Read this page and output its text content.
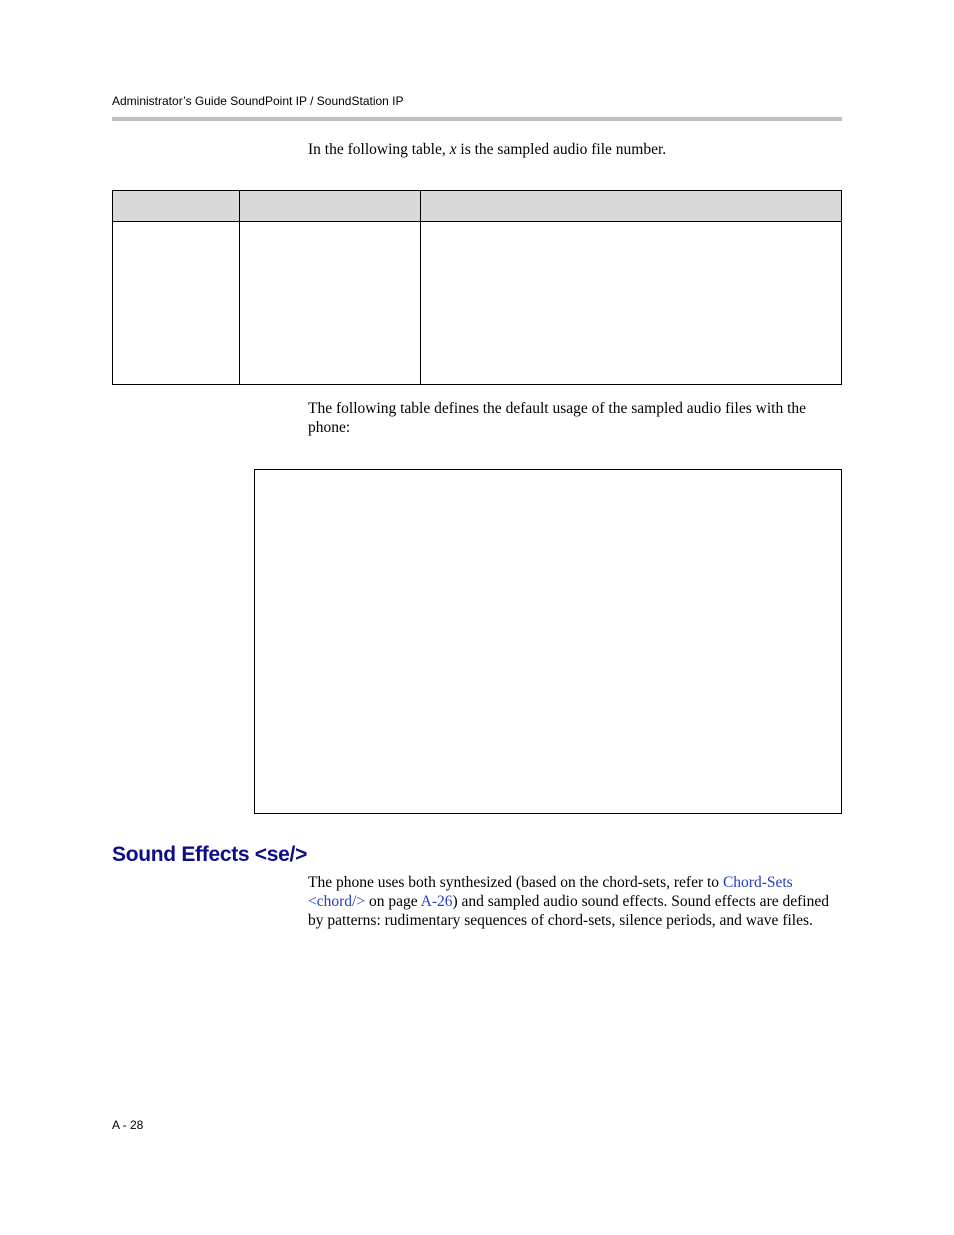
Administrator’s Guide SoundPoint IP / SoundStation IP

In the following table, x is the sampled audio file number.

The following table defines the default usage of the sampled audio files with the phone:

Sound Effects <se/>

The phone uses both synthesized (based on the chord-sets, refer to Chord-Sets <chord/> on page A-26) and sampled audio sound effects. Sound effects are defined by patterns: rudimentary sequences of chord-sets, silence periods, and wave files.

A - 28
